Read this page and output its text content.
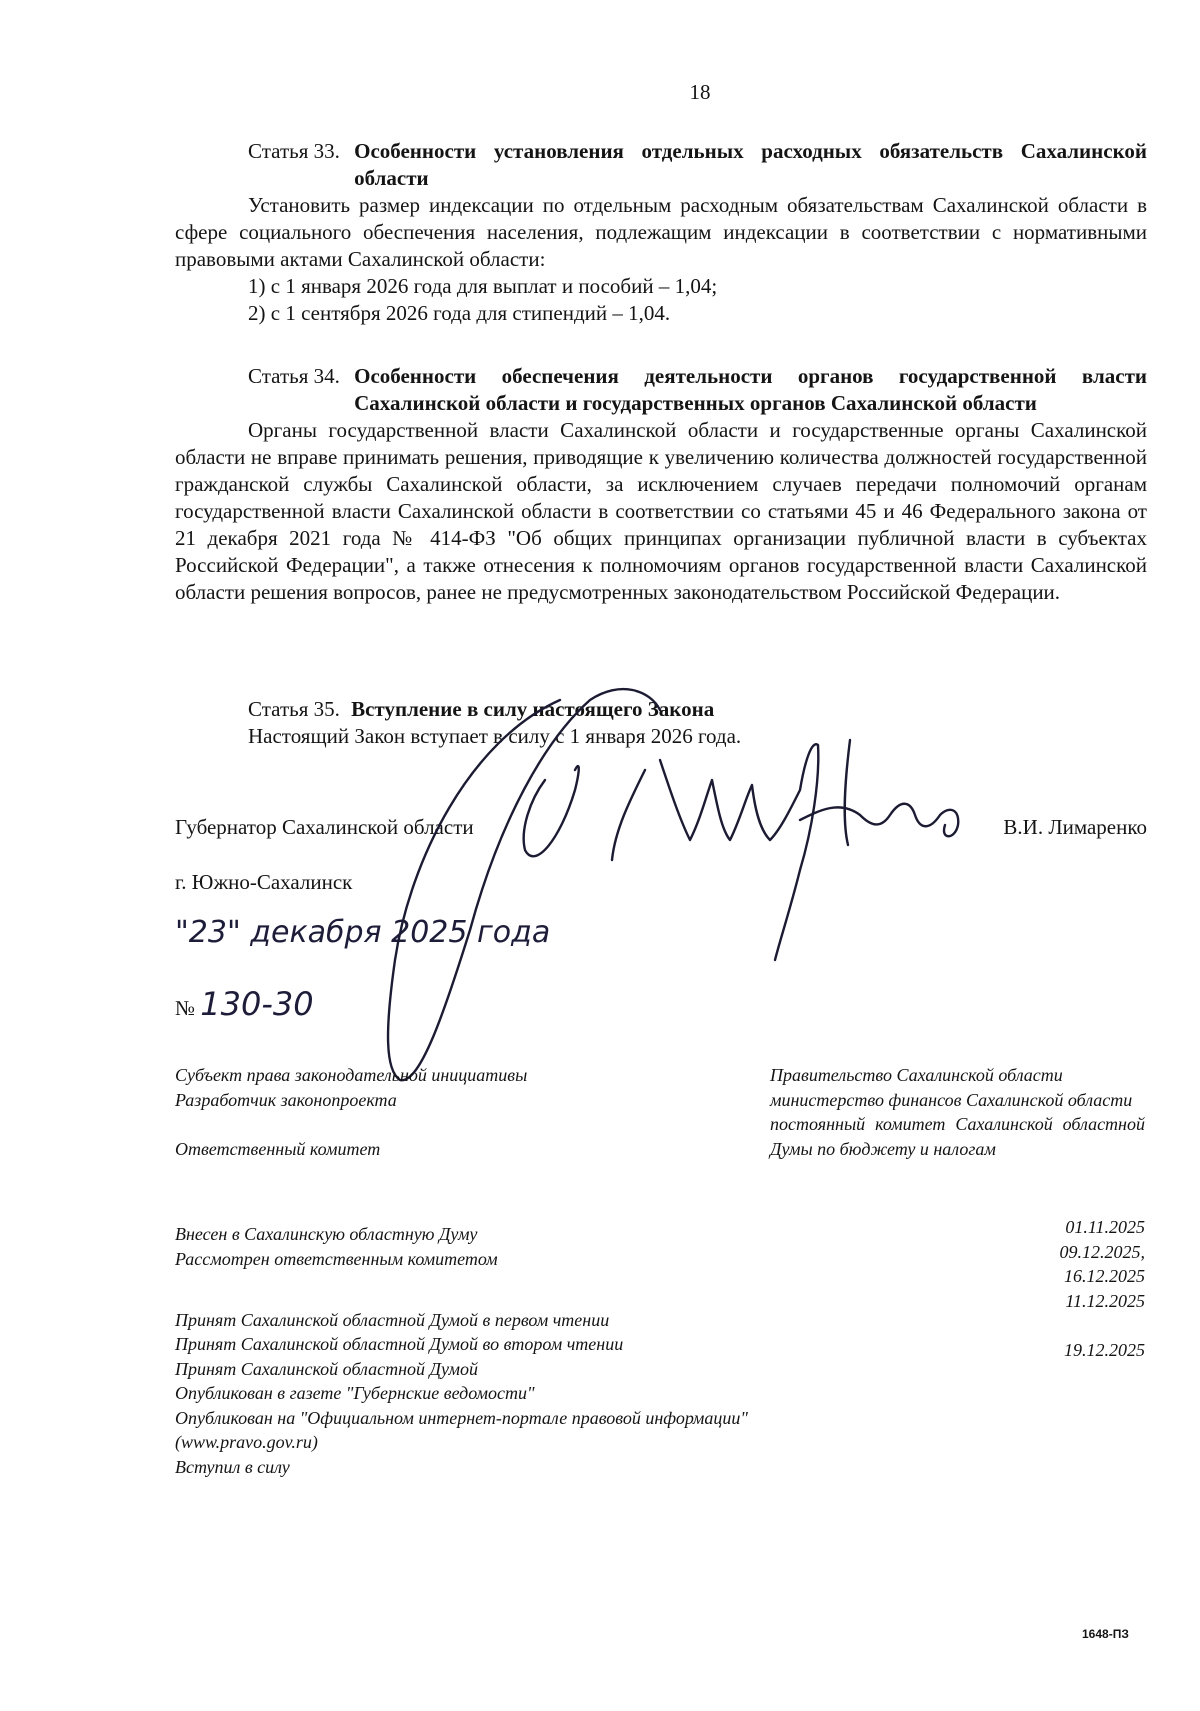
18
Статья 33.
Особенности установления отдельных расходных обязательств Сахалинской области

Установить размер индексации по отдельным расходным обязательствам Сахалинской области в сфере социального обеспечения населения, подлежащим индексации в соответствии с нормативными правовыми актами Сахалинской области:

1) с 1 января 2026 года для выплат и пособий – 1,04;

2) с 1 сентября 2026 года для стипендий – 1,04.

Статья 34.
Особенности обеспечения деятельности органов государственной власти Сахалинской области и государственных органов Сахалинской области

Органы государственной власти Сахалинской области и государственные органы Сахалинской области не вправе принимать решения, приводящие к увеличению количества должностей государственной гражданской службы Сахалинской области, за исключением случаев передачи полномочий органам государственной власти Сахалинской области в соответствии со статьями 45 и 46 Федерального закона от 21 декабря 2021 года № 414-ФЗ "Об общих принципах организации публичной власти в субъектах Российской Федерации", а также отнесения к полномочиям органов государственной власти Сахалинской области решения вопросов, ранее не предусмотренных законодательством Российской Федерации.

Статья 35.
Вступление в силу настоящего Закона

Настоящий Закон вступает в силу с 1 января 2026 года.

Губернатор Сахалинской области	В.И. Лимаренко
г. Южно-Сахалинск
"23" декабря 2025 года
№ 130-30
Субъект права законодательной инициативы
Разработчик законопроекта
Ответственный комитет
Внесен в Сахалинскую областную Думу
Рассмотрен ответственным комитетом
Принят Сахалинской областной Думой в первом чтении
Принят Сахалинской областной Думой во втором чтении
Принят Сахалинской областной Думой
Опубликован в газете "Губернские ведомости"
Опубликован на "Официальном интернет-портале правовой информации" (www.pravo.gov.ru)
Вступил в силу
Правительство Сахалинской области
министерство финансов Сахалинской области
постоянный комитет Сахалинской областной Думы по бюджету и налогам
01.11.2025
09.12.2025,
16.12.2025
11.12.2025
19.12.2025
1648-ПЗ
